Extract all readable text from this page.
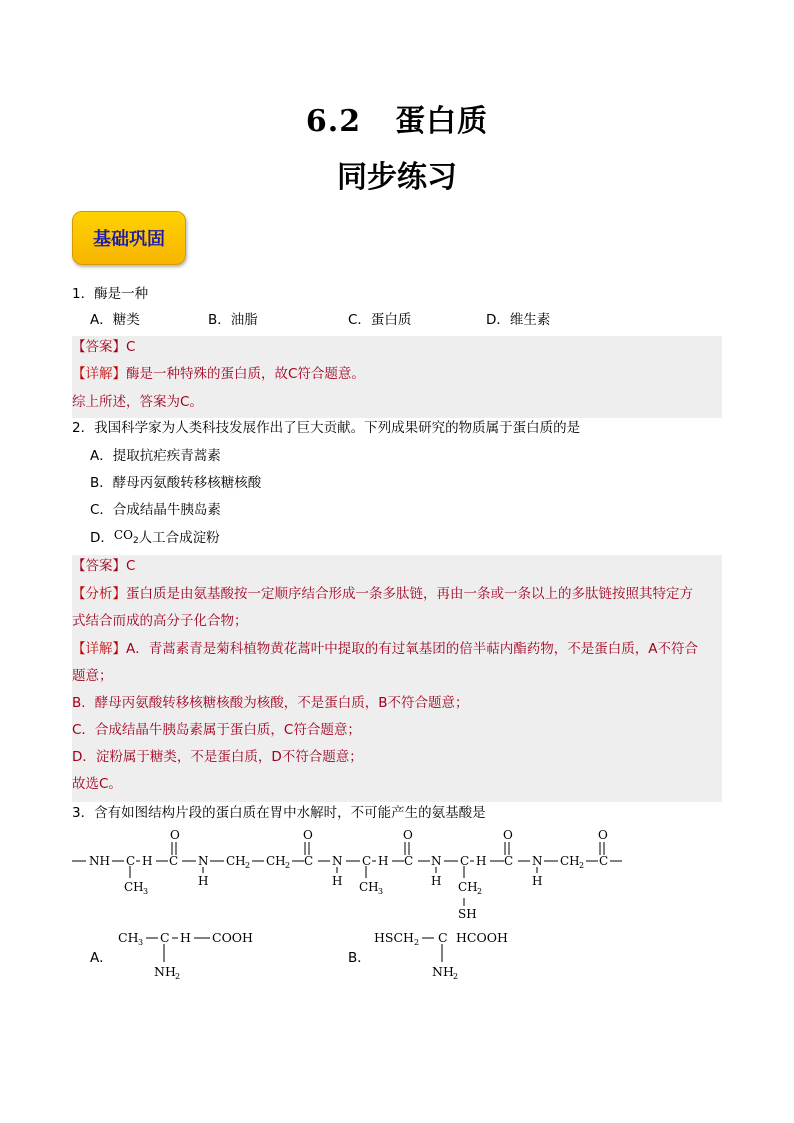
6.2 蛋白质
同步练习
基础巩固
1．酶是一种
A．糖类	B．油脂	C．蛋白质	D．维生素
【答案】C
【详解】酶是一种特殊的蛋白质，故C符合题意。
综上所述，答案为C。
2．我国科学家为人类科技发展作出了巨大贡献。下列成果研究的物质属于蛋白质的是
A．提取抗疟疾青蒿素
B．酵母丙氨酸转移核糖核酸
C．合成结晶牛胰岛素
D．CO2人工合成淀粉
【答案】C
【分析】蛋白质是由氨基酸按一定顺序结合形成一条多肽链，再由一条或一条以上的多肽链按照其特定方
式结合而成的高分子化合物；
【详解】A．青蒿素青是菊科植物黄花蒿叶中提取的有过氧基团的倍半萜内酯药物，不是蛋白质，A不符合
题意；
B．酵母丙氨酸转移核糖核酸为核酸，不是蛋白质，B不符合题意；
C．合成结晶牛胰岛素属于蛋白质，C符合题意；
D．淀粉属于糖类，不是蛋白质，D不符合题意；
故选C。
3．含有如图结构片段的蛋白质在胃中水解时，不可能产生的氨基酸是
NH C H C N CH 2 CH 2 C N C H C N C H C N CH 2 C
O	O	O	O	O
CH 3	CH 3	CH 2
SH
H	H	H	H
A．
CH 3 C H COOH
NH 2
B．
HSCH 2 C HCOOH
NH 2
